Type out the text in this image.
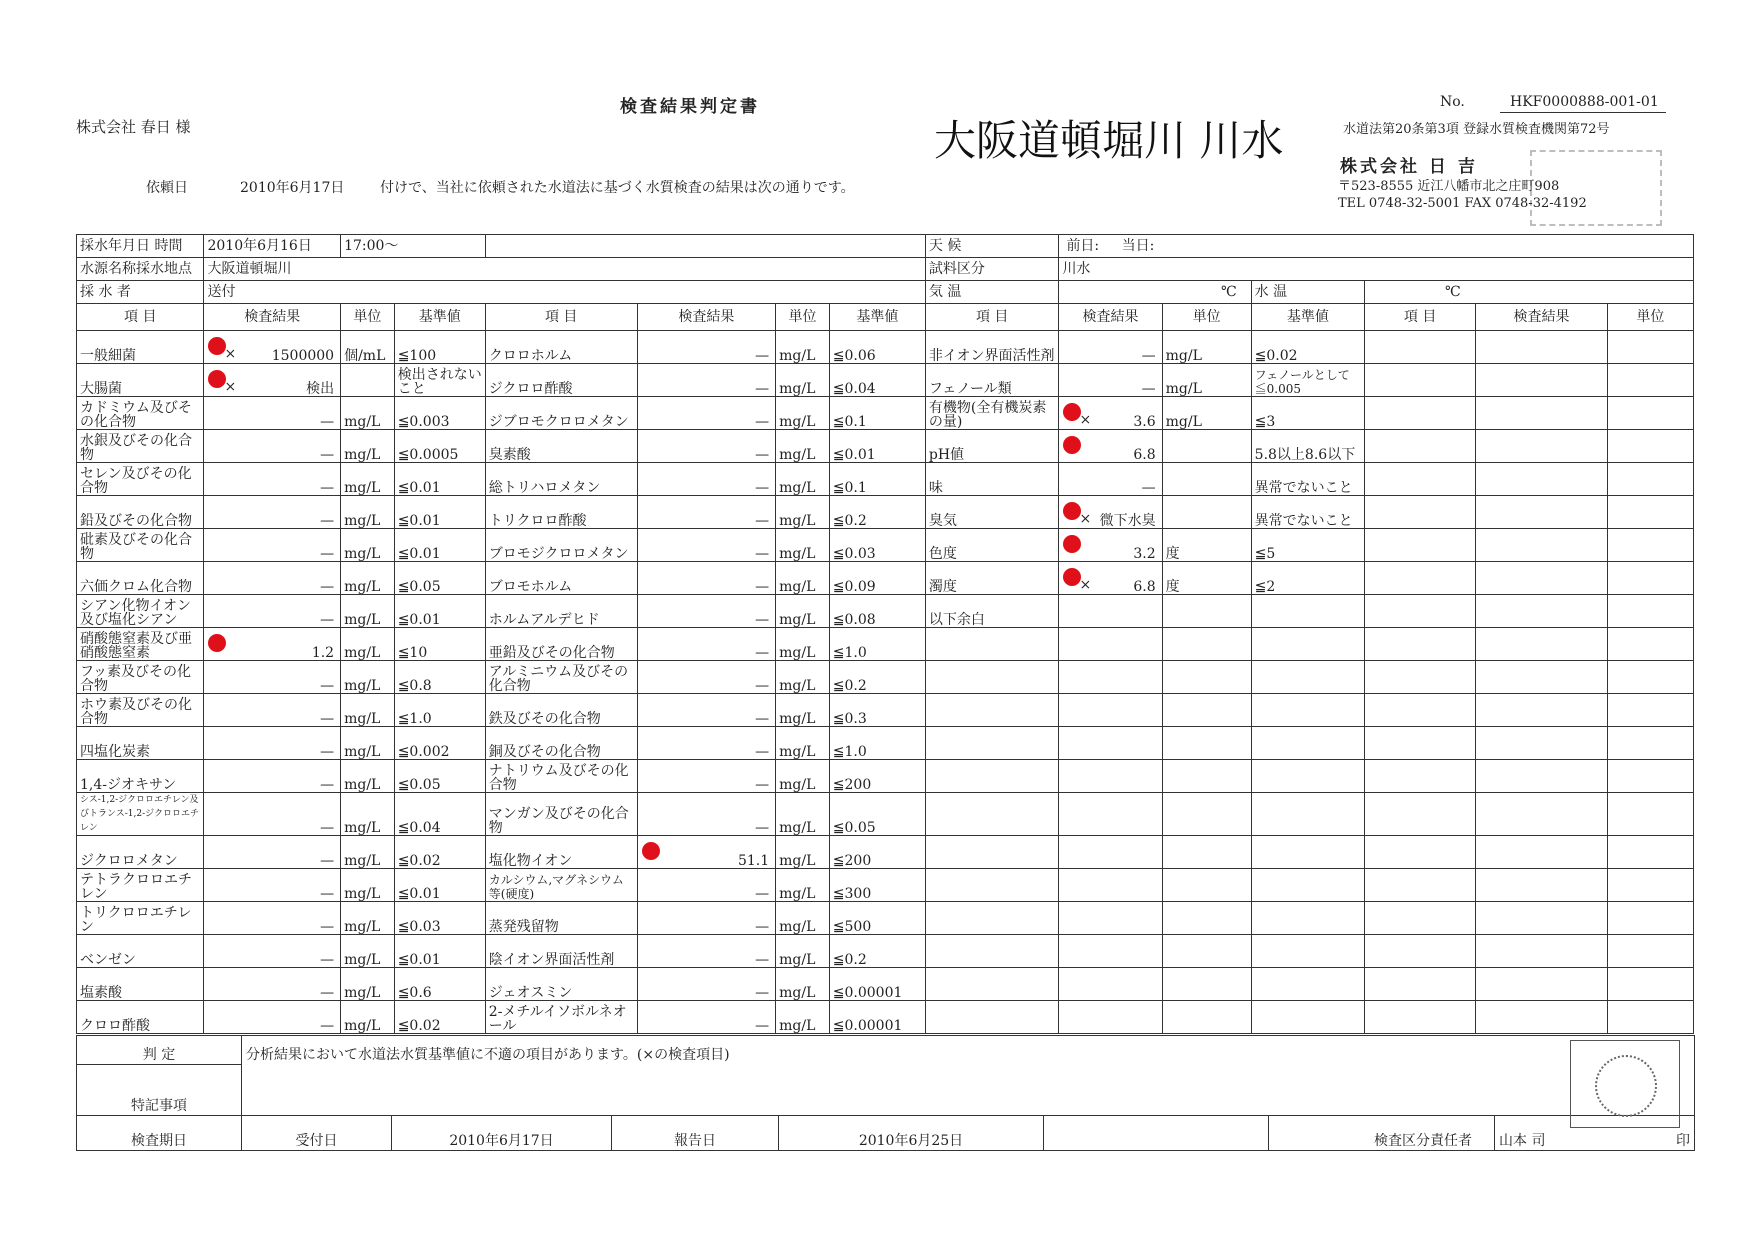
検査結果判定書
株式会社 春日 様	大阪道頓堀川 川水
No.	HKF0000888-001-01
水道法第20条第3項 登録水質検査機関第72号
株式会社 日 吉
〒523-8555 近江八幡市北之庄町908
TEL 0748-32-5001 FAX 0748-32-4192
依頼日	2010年6月17日	付けで、当社に依頼された水道法に基づく水質検査の結果は次の通りです。
採水年月日 時間	2010年6月16日	17:00～						天 候	前日: 当日:					
水源名称採水地点	大阪道頓堀川							試料区分	川水					
採 水 者	送付							気 温	℃		水 温	℃		
項 目	検査結果	単位	基準値	項 目	検査結果	単位	基準値	項 目	検査結果	単位	基準値	項 目	検査結果	単位
一般細菌	× 1500000	個/mL	≦100	クロロホルム	—	mg/L	≦0.06	非イオン界面活性剤	—	mg/L	≦0.02			
大腸菌	× 検出		検出されないこと	ジクロロ酢酸	—	mg/L	≦0.04	フェノール類	—	mg/L	フェノールとして≦0.005			
カドミウム及びその化合物	—	mg/L	≦0.003	ジブロモクロロメタン	—	mg/L	≦0.1	有機物(全有機炭素の量)	× 3.6	mg/L	≦3			
水銀及びその化合物	—	mg/L	≦0.0005	臭素酸	—	mg/L	≦0.01	pH値	6.8		5.8以上8.6以下			
セレン及びその化合物	—	mg/L	≦0.01	総トリハロメタン	—	mg/L	≦0.1	味	—		異常でないこと			
鉛及びその化合物	—	mg/L	≦0.01	トリクロロ酢酸	—	mg/L	≦0.2	臭気	× 微下水臭		異常でないこと			
砒素及びその化合物	—	mg/L	≦0.01	ブロモジクロロメタン	—	mg/L	≦0.03	色度	3.2	度	≦5			
六価クロム化合物	—	mg/L	≦0.05	ブロモホルム	—	mg/L	≦0.09	濁度	× 6.8	度	≦2			
シアン化物イオン及び塩化シアン	—	mg/L	≦0.01	ホルムアルデヒド	—	mg/L	≦0.08	以下余白						
硝酸態窒素及び亜硝酸態窒素	1.2	mg/L	≦10	亜鉛及びその化合物	—	mg/L	≦1.0							
フッ素及びその化合物	—	mg/L	≦0.8	アルミニウム及びその化合物	—	mg/L	≦0.2							
ホウ素及びその化合物	—	mg/L	≦1.0	鉄及びその化合物	—	mg/L	≦0.3							
四塩化炭素	—	mg/L	≦0.002	銅及びその化合物	—	mg/L	≦1.0							
1,4-ジオキサン	—	mg/L	≦0.05	ナトリウム及びその化合物	—	mg/L	≦200							
シス-1,2-ジクロロエチレン及びトランス-1,2-ジクロロエチレン	—	mg/L	≦0.04	マンガン及びその化合物	—	mg/L	≦0.05							
ジクロロメタン	—	mg/L	≦0.02	塩化物イオン	51.1	mg/L	≦200							
テトラクロロエチレン	—	mg/L	≦0.01	カルシウム,マグネシウム等(硬度)	—	mg/L	≦300							
トリクロロエチレン	—	mg/L	≦0.03	蒸発残留物	—	mg/L	≦500							
ベンゼン	—	mg/L	≦0.01	陰イオン界面活性剤	—	mg/L	≦0.2							
塩素酸	—	mg/L	≦0.6	ジェオスミン	—	mg/L	≦0.00001							
クロロ酢酸	—	mg/L	≦0.02	2-メチルイソボルネオール	—	mg/L	≦0.00001							
判 定	分析結果において水道法水質基準値に不適の項目があります。(×の検査項目)						

特記事項							
検査期日	受付日	2010年6月17日	報告日	2010年6月25日		検査区分責任者	山本 司 印
